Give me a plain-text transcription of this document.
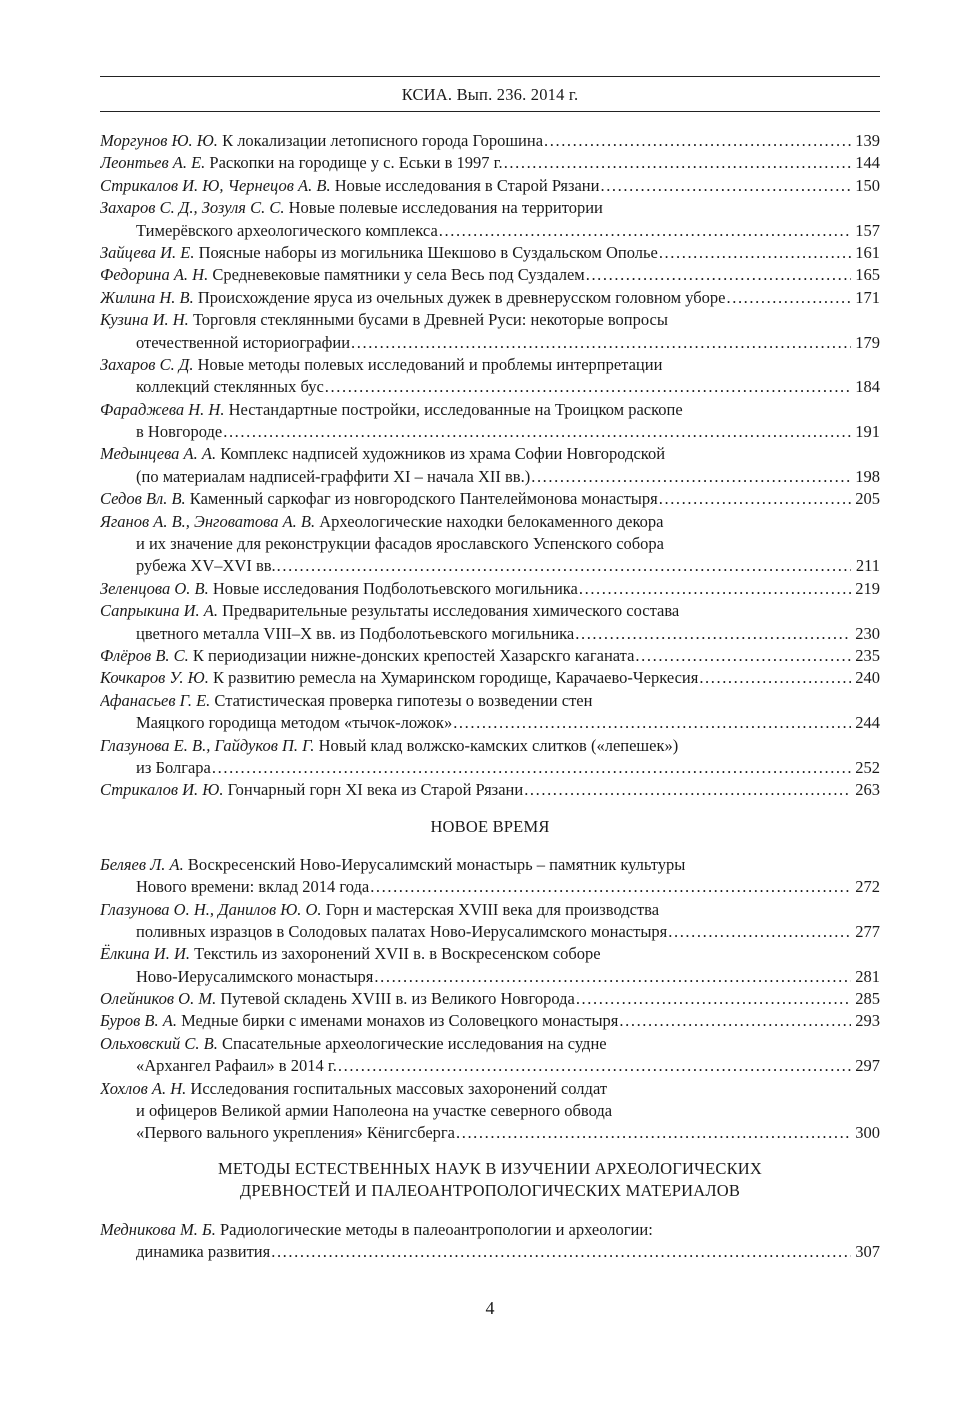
КСИА. Вып. 236. 2014 г.
Моргунов Ю. Ю. К локализации летописного города Горошина .....	139
Леонтьев А. Е. Раскопки на городище у с. Еськи в 1997 г. .....	144
Стрикалов И. Ю, Чернецов А. В. Новые исследования в Старой Рязани .....	150
Захаров С. Д., Зозуля С. С. Новые полевые исследования на территории
Тимерёвского археологического комплекса .....	157
Зайцева И. Е. Поясные наборы из могильника Шекшово в Суздальском Ополье .....	161
Федорина А. Н. Средневековые памятники у села Весь под Суздалем .....	165
Жилина Н. В. Происхождение яруса из очельных дужек в древнерусском головном уборе .....	171
Кузина И. Н. Торговля стеклянными бусами в Древней Руси: некоторые вопросы
отечественной историографии .....	179
Захаров С. Д. Новые методы полевых исследований и проблемы интерпретации
коллекций стеклянных бус .....	184
Фараджева Н. Н. Нестандартные постройки, исследованные на Троицком раскопе
в Новгороде .....	191
Медынцева А. А. Комплекс надписей художников из храма Софии Новгородской
(по материалам надписей-граффити XI – начала XII вв.) .....	198
Седов Вл. В. Каменный саркофаг из новгородского Пантелеймонова монастыря .....	205
Яганов А. В., Энговатова А. В. Археологические находки белокаменного декора
и их значение для реконструкции фасадов ярославского Успенского собора
рубежа XV–XVI вв. .....	211
Зеленцова О. В. Новые исследования Подболотьевского могильника .....	219
Сапрыкина И. А. Предварительные результаты исследования химического состава
цветного металла VIII–X вв. из Подболотьевского могильника .....	230
Флёров В. С. К периодизации нижне-донских крепостей Хазарскго каганата .....	235
Кочкаров У. Ю. К развитию ремесла на Хумаринском городище, Карачаево-Черкесия .....	240
Афанасьев Г. Е. Статистическая проверка гипотезы о возведении стен
Маяцкого городища методом «тычок-ложок» .....	244
Глазунова Е. В., Гайдуков П. Г. Новый клад волжско-камских слитков («лепешек»)
из Болгара .....	252
Стрикалов И. Ю. Гончарный горн XI века из Старой Рязани .....	263
НОВОЕ ВРЕМЯ
Беляев Л. А. Воскресенский Ново-Иерусалимский монастырь – памятник культуры
Нового времени: вклад 2014 года .....	272
Глазунова О. Н., Данилов Ю. О. Горн и мастерская XVIII века для производства
поливных изразцов в Солодовых палатах Ново-Иерусалимского монастыря .....	277
Ёлкина И. И. Текстиль из захоронений XVII в. в Воскресенском соборе
Ново-Иерусалимского монастыря .....	281
Олейников О. М. Путевой складень XVIII в. из Великого Новгорода .....	285
Буров В. А. Медные бирки с именами монахов из Соловецкого монастыря .....	293
Ольховский С. В. Спасательные археологические исследования на судне
«Архангел Рафаил» в 2014 г. .....	297
Хохлов А. Н. Исследования госпитальных массовых захоронений солдат
и офицеров Великой армии Наполеона на участке северного обвода
«Первого вального укрепления» Кёнигсберга .....	300
МЕТОДЫ ЕСТЕСТВЕННЫХ НАУК В ИЗУЧЕНИИ АРХЕОЛОГИЧЕСКИХ
ДРЕВНОСТЕЙ И ПАЛЕОАНТРОПОЛОГИЧЕСКИХ МАТЕРИАЛОВ
Медникова М. Б. Радиологические методы в палеоантропологии и археологии:
динамика развития .....	307
4
